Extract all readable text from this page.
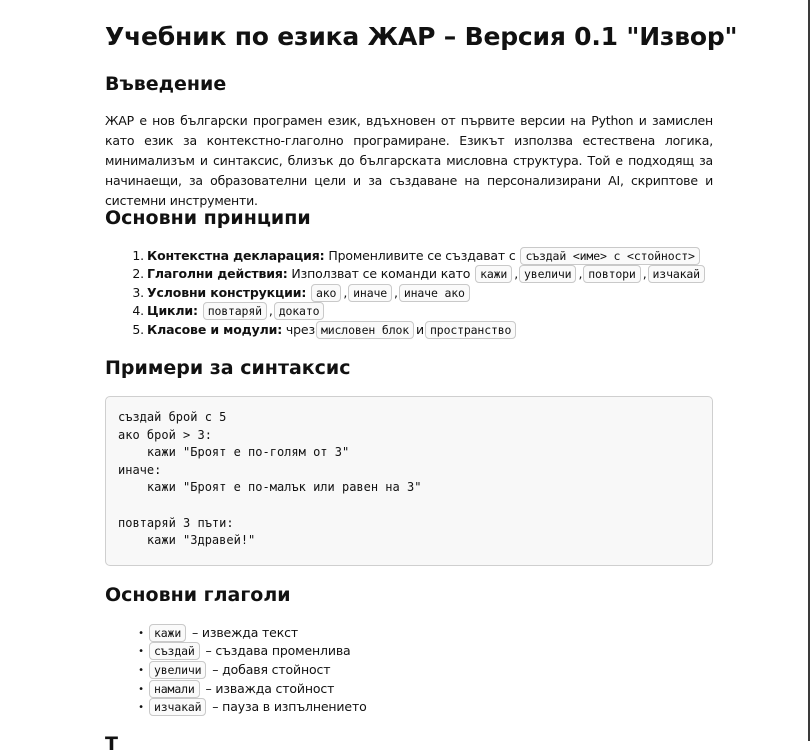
Учебник по езика ЖАР – Версия 0.1 "Извор"
Въведение

ЖАР е нов български програмен език, вдъхновен от първите версии на Python и замислен като език за контекстно-глаголно програмиране. Езикът използва естествена логика, минимализъм и синтаксис, близък до българската мисловна структура. Той е подходящ за начинаещи, за образователни цели и за създаване на персонализирани AI, скриптове и системни инструменти.

Основни принципи
1. Контекстна декларация: Променливите се създават с създай <име> с <стойност>
2. Глаголни действия: Използват се команди като кажи , увеличи , повтори , изчакай
3. Условни конструкции: ако , иначе , иначе ако
4. Цикли: повтаряй , докато
5. Класове и модули: чрез мисловен блок и пространство
Примери за синтаксис
Основни глаголи
• кажи – извежда текст
• създай – създава променлива
• увеличи – добавя стойност
• намали – изважда стойност
• изчакай – пауза в изпълнението
създай брой с 5
ако брой > 3:
кажи "Броят е по-голям от 3"
иначе:
кажи "Броят е по-малък или равен на 3"

повтаряй 3 пъти:
кажи "Здравей!"
Т
